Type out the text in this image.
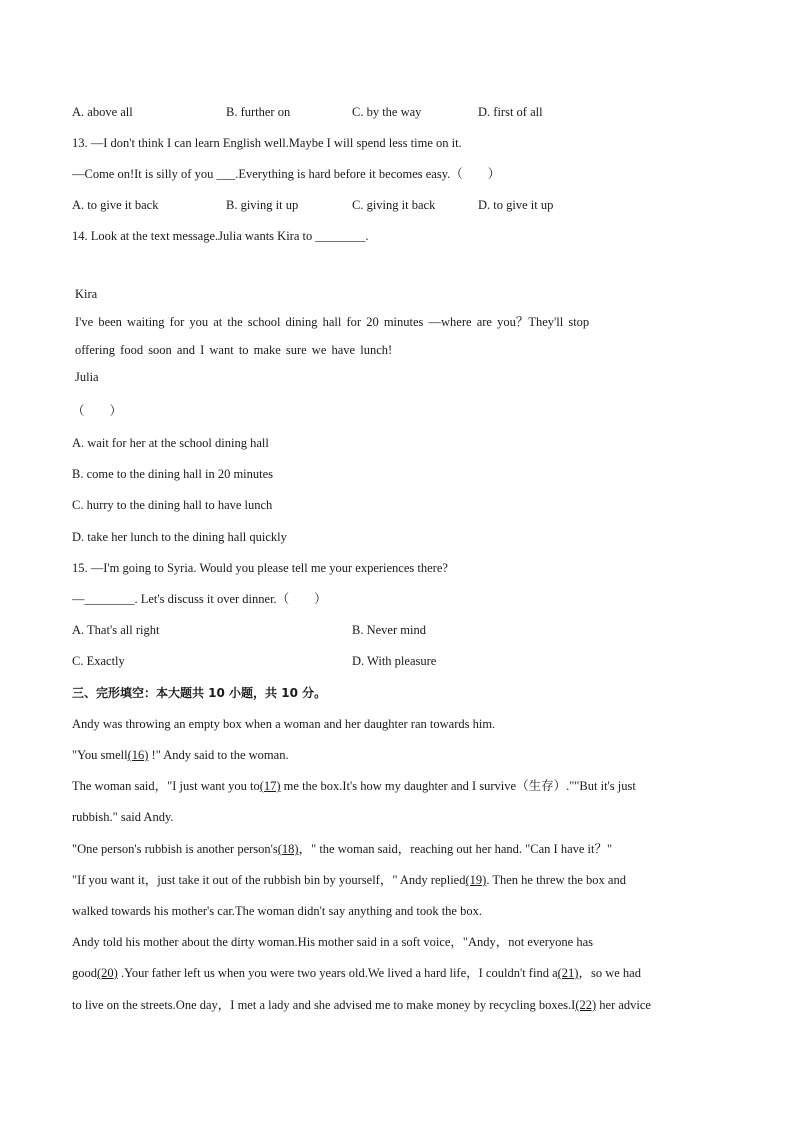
A. above all	B. further on	C. by the way	D. first of all
13. —I don't think I can learn English well.Maybe I will spend less time on it.
—Come on!It is silly of you ___.Everything is hard before it becomes easy.（　　）
A. to give it back	B. giving it up	C. giving it back	D. to give it up
14. Look at the text message.Julia wants Kira to ________.
Kira
I've been waiting for you at the school dining hall for 20 minutes —where are you？They'll stop
offering food soon and I want to make sure we have lunch!
Julia
（　　）
A. wait for her at the school dining hall
B. come to the dining hall in 20 minutes
C. hurry to the dining hall to have lunch
D. take her lunch to the dining hall quickly
15. —I'm going to Syria. Would you please tell me your experiences there?
—________. Let's discuss it over dinner.（　　）
A. That's all right	B. Never mind
C. Exactly	D. With pleasure
三、完形填空：本大题共 10 小题，共 10 分。
Andy was throwing an empty box when a woman and her daughter ran towards him.
"You smell(16) !" Andy said to the woman.
The woman said，"I just want you to(17) me the box.It's how my daughter and I survive（生存）.""But it's just
rubbish." said Andy.
"One person's rubbish is another person's(18)，" the woman said，reaching out her hand. "Can I have it？"
"If you want it，just take it out of the rubbish bin by yourself，" Andy replied(19). Then he threw the box and
walked towards his mother's car.The woman didn't say anything and took the box.
Andy told his mother about the dirty woman.His mother said in a soft voice，"Andy，not everyone has
good(20) .Your father left us when you were two years old.We lived a hard life，I couldn't find a(21)，so we had
to live on the streets.One day，I met a lady and she advised me to make money by recycling boxes.I(22) her advice
